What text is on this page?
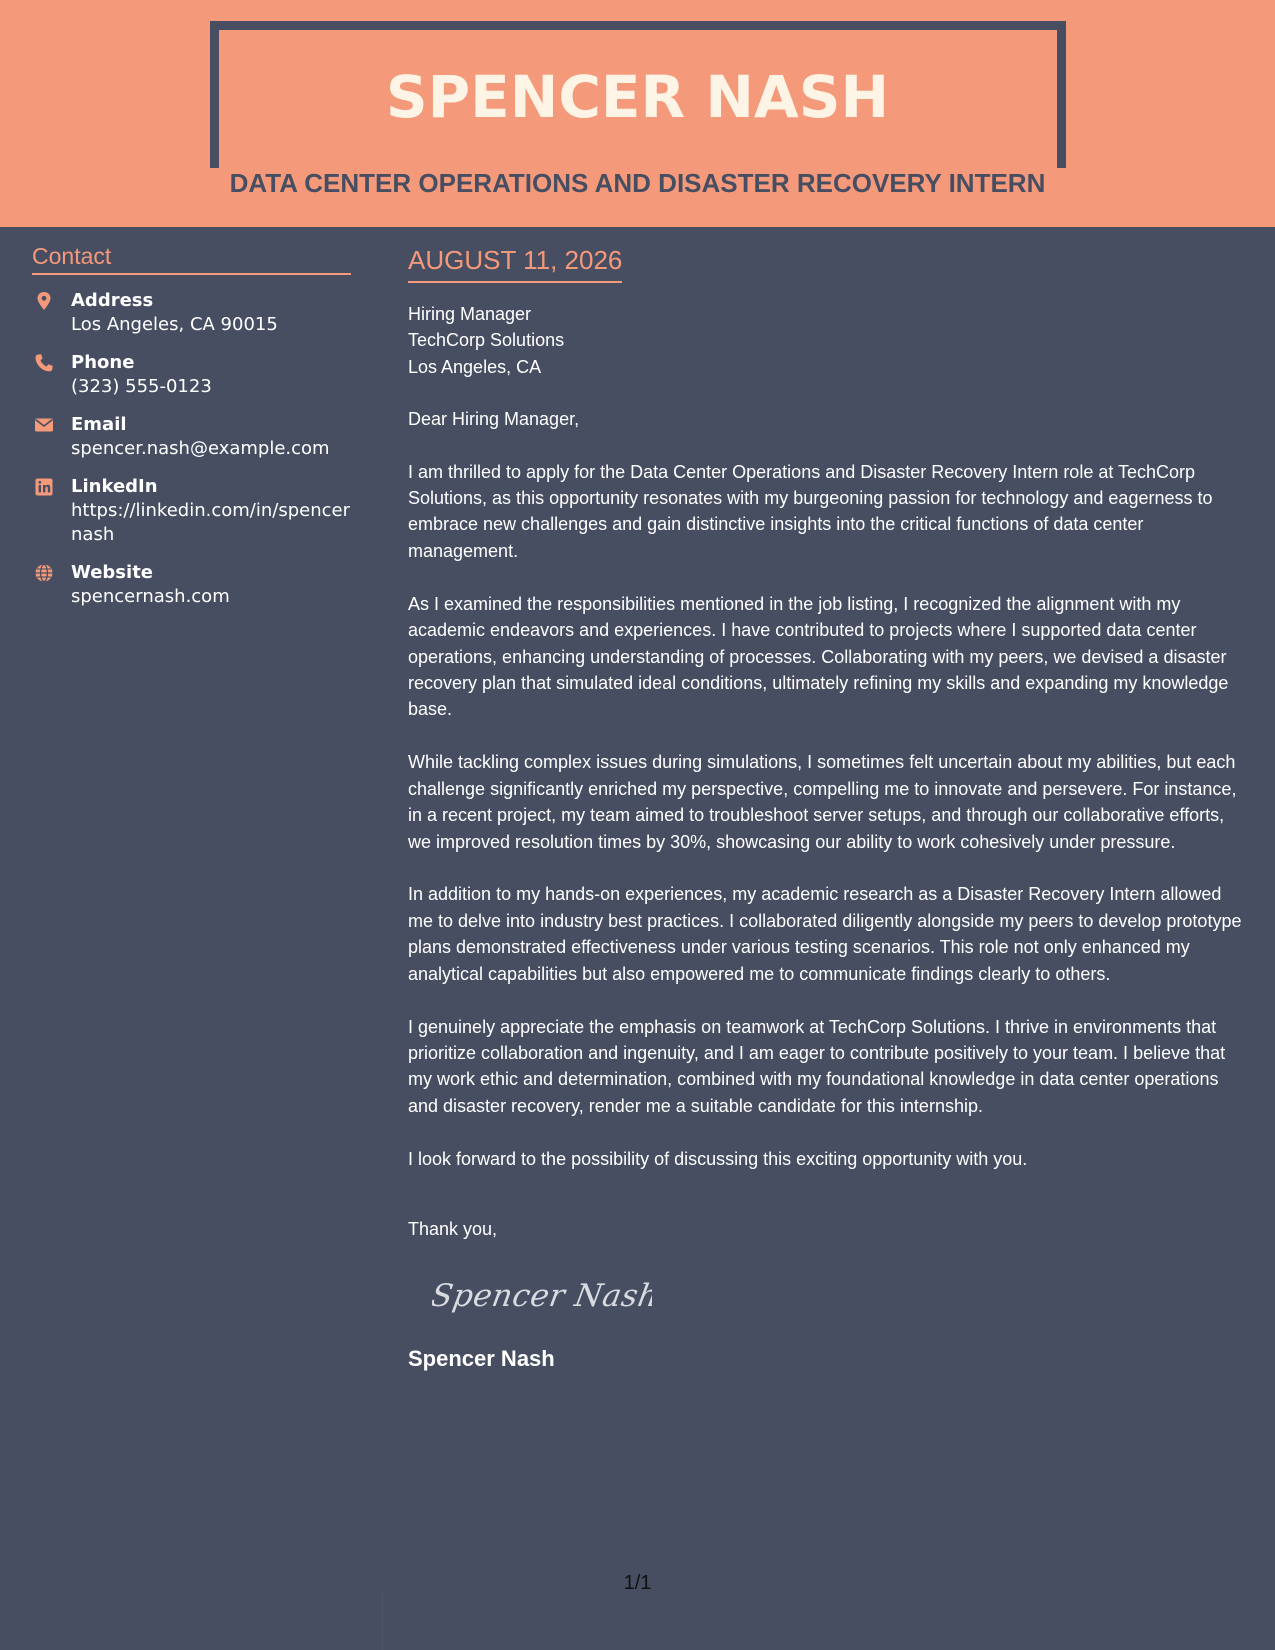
SPENCER NASH
DATA CENTER OPERATIONS AND DISASTER RECOVERY INTERN
Contact
Address
Los Angeles, CA 90015
Phone
(323) 555-0123
Email
spencer.nash@example.com
LinkedIn
https://linkedin.com/in/spencernash
Website
spencernash.com
AUGUST 11, 2026
Hiring Manager
TechCorp Solutions
Los Angeles, CA
Dear Hiring Manager,

I am thrilled to apply for the Data Center Operations and Disaster Recovery Intern role at TechCorp Solutions, as this opportunity resonates with my burgeoning passion for technology and eagerness to embrace new challenges and gain distinctive insights into the critical functions of data center management.

As I examined the responsibilities mentioned in the job listing, I recognized the alignment with my academic endeavors and experiences. I have contributed to projects where I supported data center operations, enhancing understanding of processes. Collaborating with my peers, we devised a disaster recovery plan that simulated ideal conditions, ultimately refining my skills and expanding my knowledge base.

While tackling complex issues during simulations, I sometimes felt uncertain about my abilities, but each challenge significantly enriched my perspective, compelling me to innovate and persevere. For instance, in a recent project, my team aimed to troubleshoot server setups, and through our collaborative efforts, we improved resolution times by 30%, showcasing our ability to work cohesively under pressure.

In addition to my hands-on experiences, my academic research as a Disaster Recovery Intern allowed me to delve into industry best practices. I collaborated diligently alongside my peers to develop prototype plans demonstrated effectiveness under various testing scenarios. This role not only enhanced my analytical capabilities but also empowered me to communicate findings clearly to others.

I genuinely appreciate the emphasis on teamwork at TechCorp Solutions. I thrive in environments that prioritize collaboration and ingenuity, and I am eager to contribute positively to your team. I believe that my work ethic and determination, combined with my foundational knowledge in data center operations and disaster recovery, render me a suitable candidate for this internship.

I look forward to the possibility of discussing this exciting opportunity with you.

Thank you,
Spencer Nash
Spencer Nash
1/1
